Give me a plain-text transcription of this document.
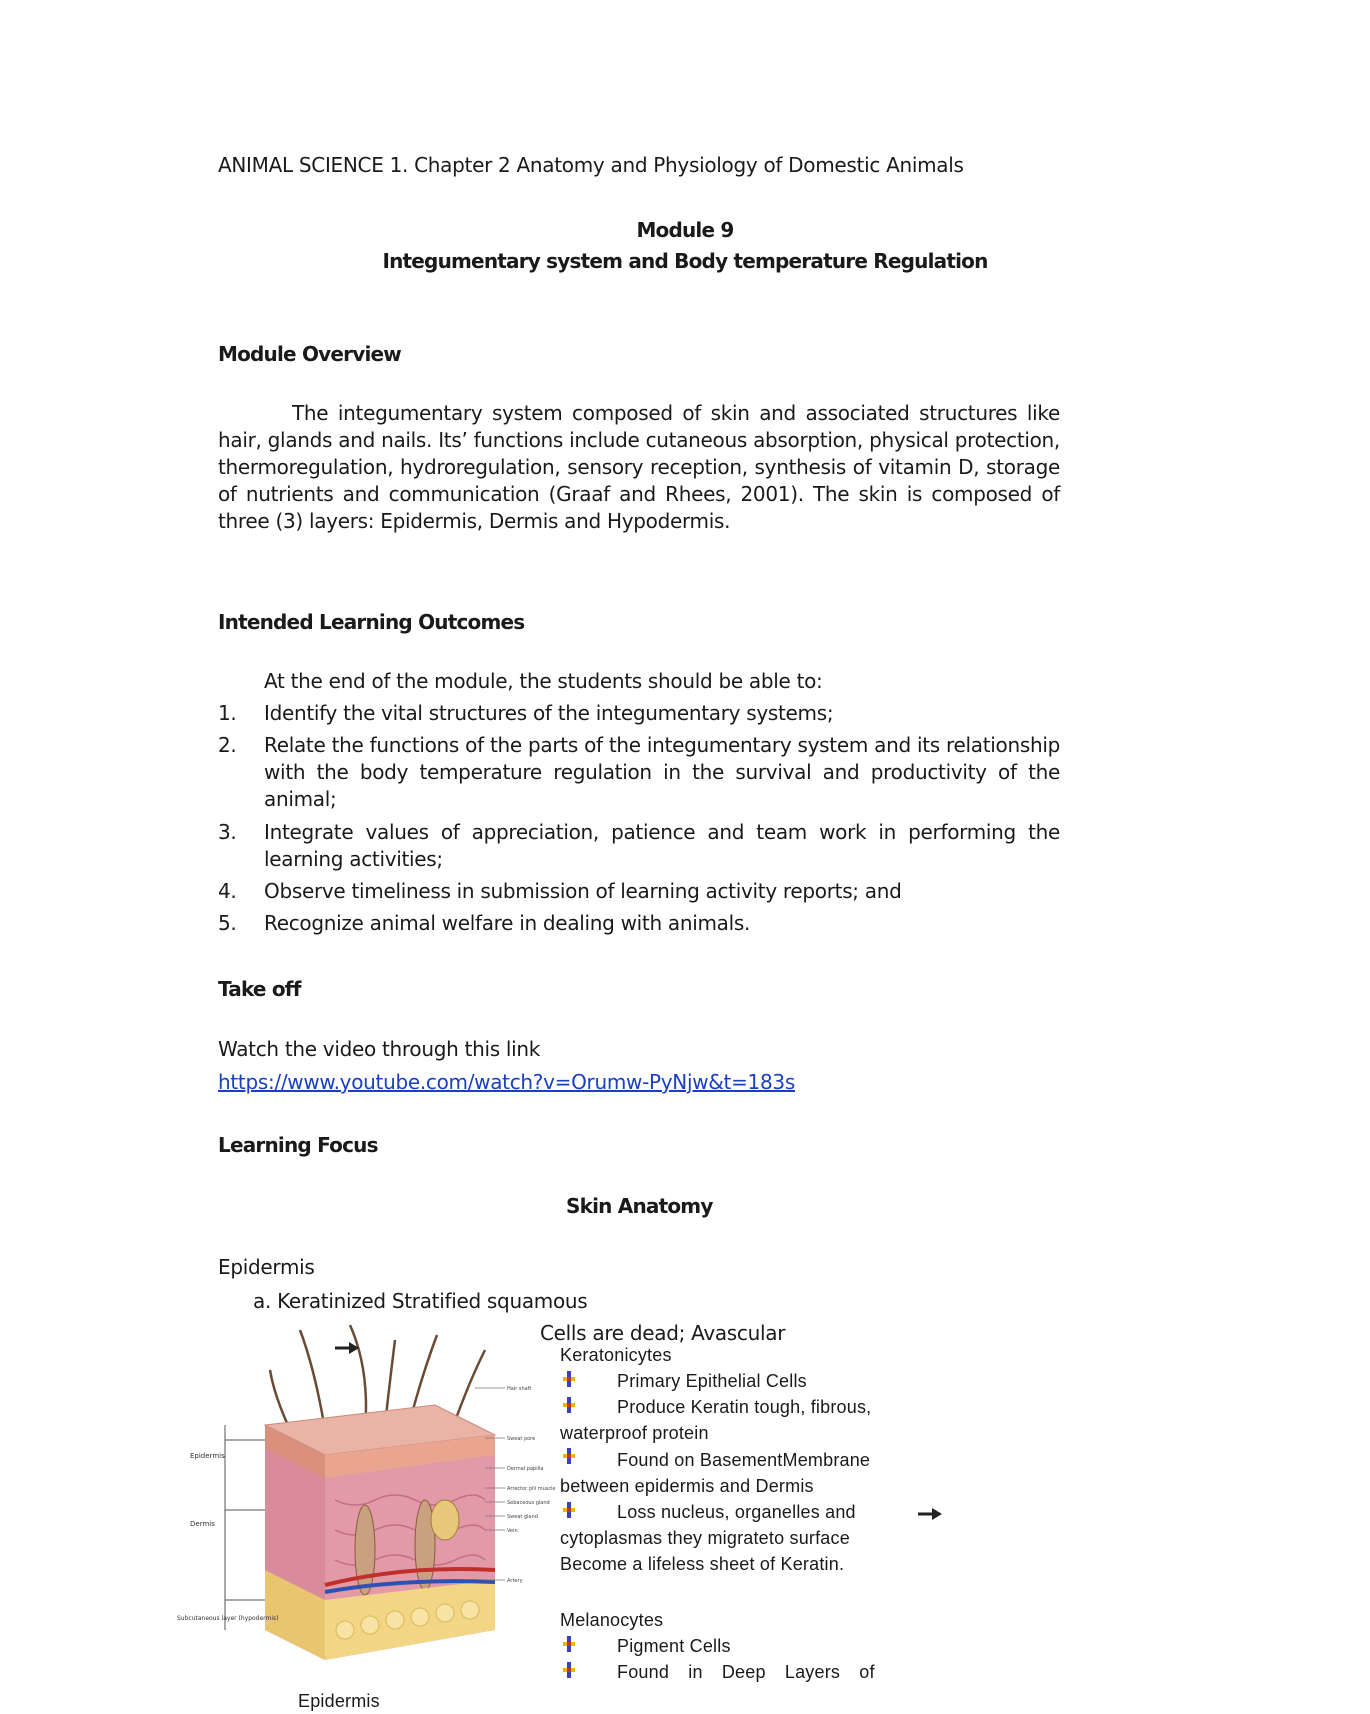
ANIMAL SCIENCE 1. Chapter 2 Anatomy and Physiology of Domestic Animals
Module 9
Integumentary system and Body temperature Regulation
Module Overview
The integumentary system composed of skin and associated structures like hair, glands and nails. Its’ functions include cutaneous absorption, physical protection, thermoregulation, hydroregulation, sensory reception, synthesis of vitamin D, storage of nutrients and communication (Graaf and Rhees, 2001). The skin is composed of three (3) layers: Epidermis, Dermis and Hypodermis.
Intended Learning Outcomes
At the end of the module, the students should be able to:
1. Identify the vital structures of the integumentary systems;
2. Relate the functions of the parts of the integumentary system and its relationship with the body temperature regulation in the survival and productivity of the animal;
3. Integrate values of appreciation, patience and team work in performing the learning activities;
4. Observe timeliness in submission of learning activity reports; and
5. Recognize animal welfare in dealing with animals.
Take off
Watch the video through this link
https://www.youtube.com/watch?v=Orumw-PyNjw&t=183s
Learning Focus
Skin Anatomy
Epidermis
a. Keratinized Stratified squamous
Cells are dead; Avascular
Epidermis
Dermis
Subcutaneous layer (hypodermis)
Hair shaft
Sweat pore
Dermal papilla
Arrector pili muscle
Sebaceous gland
Sweat gland
Vein
Artery
Keratonicytes
Primary Epithelial Cells
Produce Keratin tough, fibrous,
waterproof protein
Found on BasementMembrane
between epidermis and Dermis
Loss nucleus, organelles and
cytoplasmas they migrateto surface
Become a lifeless sheet of Keratin.
Melanocytes
Pigment Cells
Found in Deep Layers of
Epidermis
